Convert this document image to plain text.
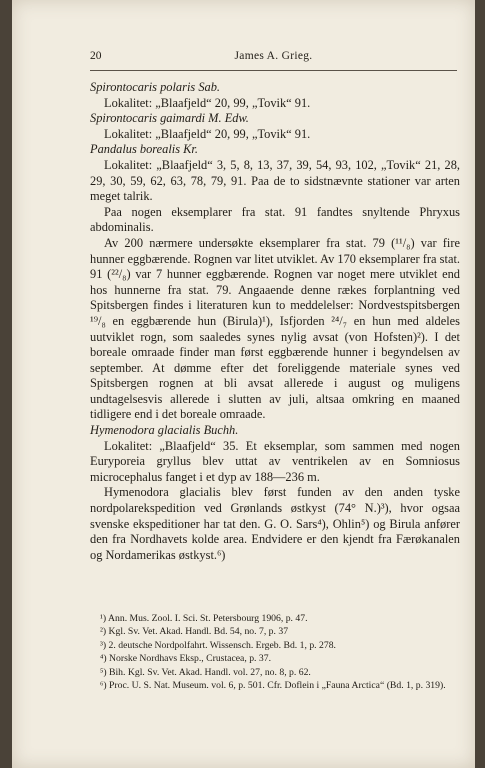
20	James A. Grieg.

Spirontocaris polaris Sab.

Lokalitet: „Blaafjeld“ 20, 99, „Tovik“ 91.

Spirontocaris gaimardi M. Edw.

Lokalitet: „Blaafjeld“ 20, 99, „Tovik“ 91.

Pandalus borealis Kr.

Lokalitet: „Blaafjeld“ 3, 5, 8, 13, 37, 39, 54, 93, 102, „Tovik“ 21, 28, 29, 30, 59, 62, 63, 78, 79, 91. Paa de to sidstnævnte stationer var arten meget talrik.

Paa nogen eksemplarer fra stat. 91 fandtes snyltende Phryxus abdominalis.

Av 200 nærmere undersøkte eksemplarer fra stat. 79 (¹¹/₈) var fire hunner eggbærende. Rognen var litet utviklet. Av 170 eksemplarer fra stat. 91 (²²/₈) var 7 hunner eggbærende. Rognen var noget mere utviklet end hos hunnerne fra stat. 79. Angaaende denne rækes forplantning ved Spitsbergen findes i literaturen kun to meddelelser: Nordvestspitsbergen ¹⁹/₈ en eggbærende hun (Birula)¹), Isfjorden ²⁴/₇ en hun med aldeles uutviklet rogn, som saaledes synes nylig avsat (von Hofsten)²). I det boreale omraade finder man først eggbærende hunner i begyndelsen av september. At dømme efter det foreliggende materiale synes ved Spitsbergen rognen at bli avsat allerede i august og muligens undtagelsesvis allerede i slutten av juli, altsaa omkring en maaned tidligere end i det boreale omraade.

Hymenodora glacialis Buchh.

Lokalitet: „Blaafjeld“ 35. Et eksemplar, som sammen med nogen Euryporeia gryllus blev uttat av ventrikelen av en Somniosus microcephalus fanget i et dyp av 188—236 m.

Hymenodora glacialis blev først funden av den anden tyske nordpolarekspedition ved Grønlands østkyst (74° N.)³), hvor ogsaa svenske ekspeditioner har tat den. G. O. Sars⁴), Ohlin⁵) og Birula anfører den fra Nordhavets kolde area. Endvidere er den kjendt fra Færøkanalen og Nordamerikas østkyst.⁶)

¹) Ann. Mus. Zool. I. Sci. St. Petersbourg 1906, p. 47.

²) Kgl. Sv. Vet. Akad. Handl. Bd. 54, no. 7, p. 37

³) 2. deutsche Nordpolfahrt. Wissensch. Ergeb. Bd. 1, p. 278.

⁴) Norske Nordhavs Eksp., Crustacea, p. 37.

⁵) Bih. Kgl. Sv. Vet. Akad. Handl. vol. 27, no. 8, p. 62.

⁶) Proc. U. S. Nat. Museum. vol. 6, p. 501. Cfr. Doflein i „Fauna Arctica“ (Bd. 1, p. 319).
